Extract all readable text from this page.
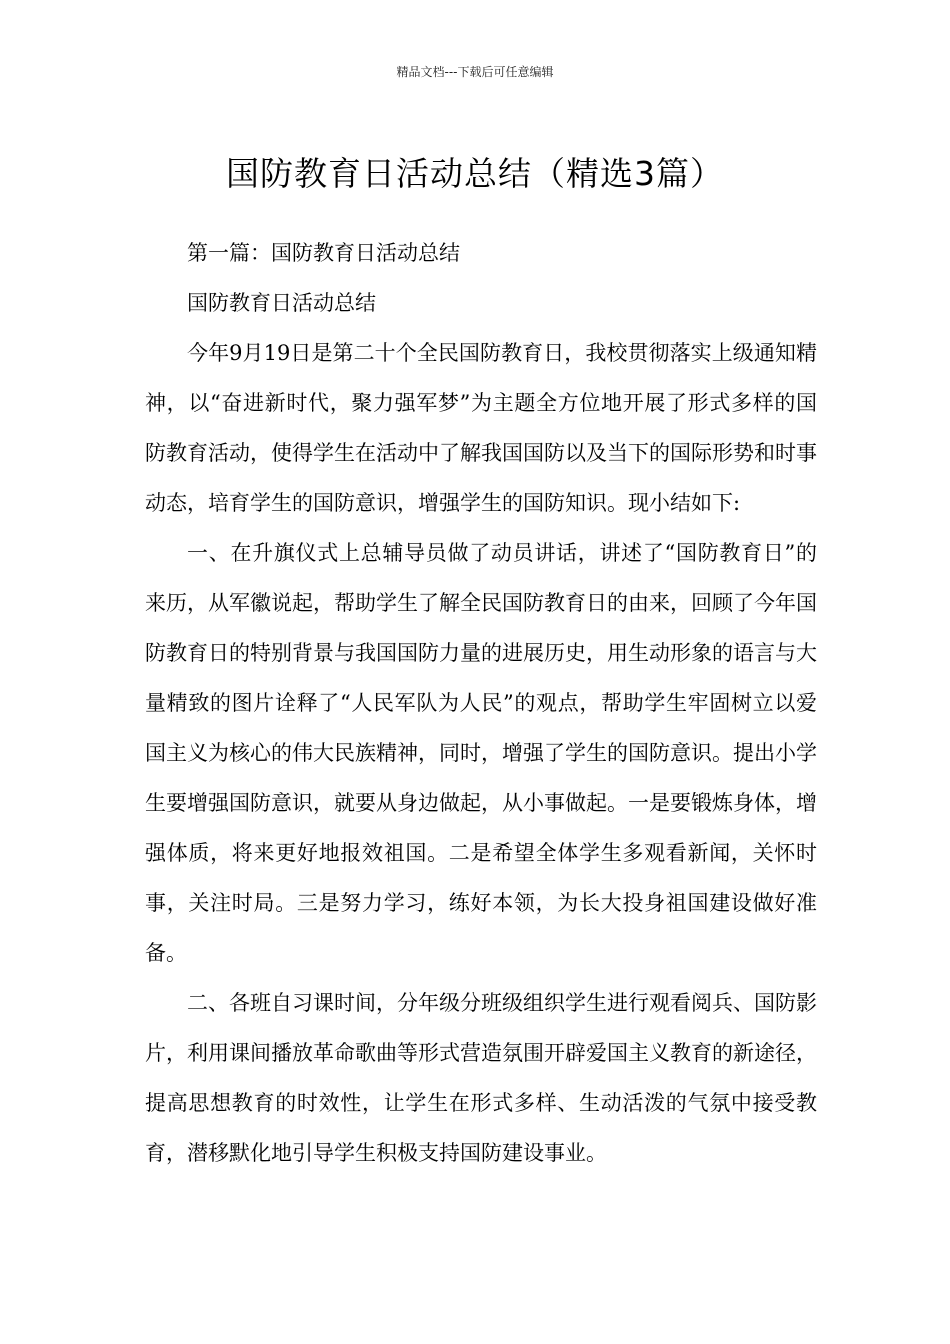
精品文档---下载后可任意编辑
国防教育日活动总结（精选3篇）

第一篇：国防教育日活动总结

国防教育日活动总结

今年9月19日是第二十个全民国防教育日，我校贯彻落实上级通知精神，以“奋进新时代，聚力强军梦”为主题全方位地开展了形式多样的国防教育活动，使得学生在活动中了解我国国防以及当下的国际形势和时事动态，培育学生的国防意识，增强学生的国防知识。现小结如下:

一、在升旗仪式上总辅导员做了动员讲话，讲述了“国防教育日”的来历，从军徽说起，帮助学生了解全民国防教育日的由来，回顾了今年国防教育日的特别背景与我国国防力量的进展历史，用生动形象的语言与大量精致的图片诠释了“人民军队为人民”的观点，帮助学生牢固树立以爱国主义为核心的伟大民族精神，同时，增强了学生的国防意识。提出小学生要增强国防意识，就要从身边做起，从小事做起。一是要锻炼身体，增强体质，将来更好地报效祖国。二是希望全体学生多观看新闻，关怀时事，关注时局。三是努力学习，练好本领，为长大投身祖国建设做好准备。

二、各班自习课时间，分年级分班级组织学生进行观看阅兵、国防影片，利用课间播放革命歌曲等形式营造氛围开辟爱国主义教育的新途径，提高思想教育的时效性，让学生在形式多样、生动活泼的气氛中接受教育，潜移默化地引导学生积极支持国防建设事业。
